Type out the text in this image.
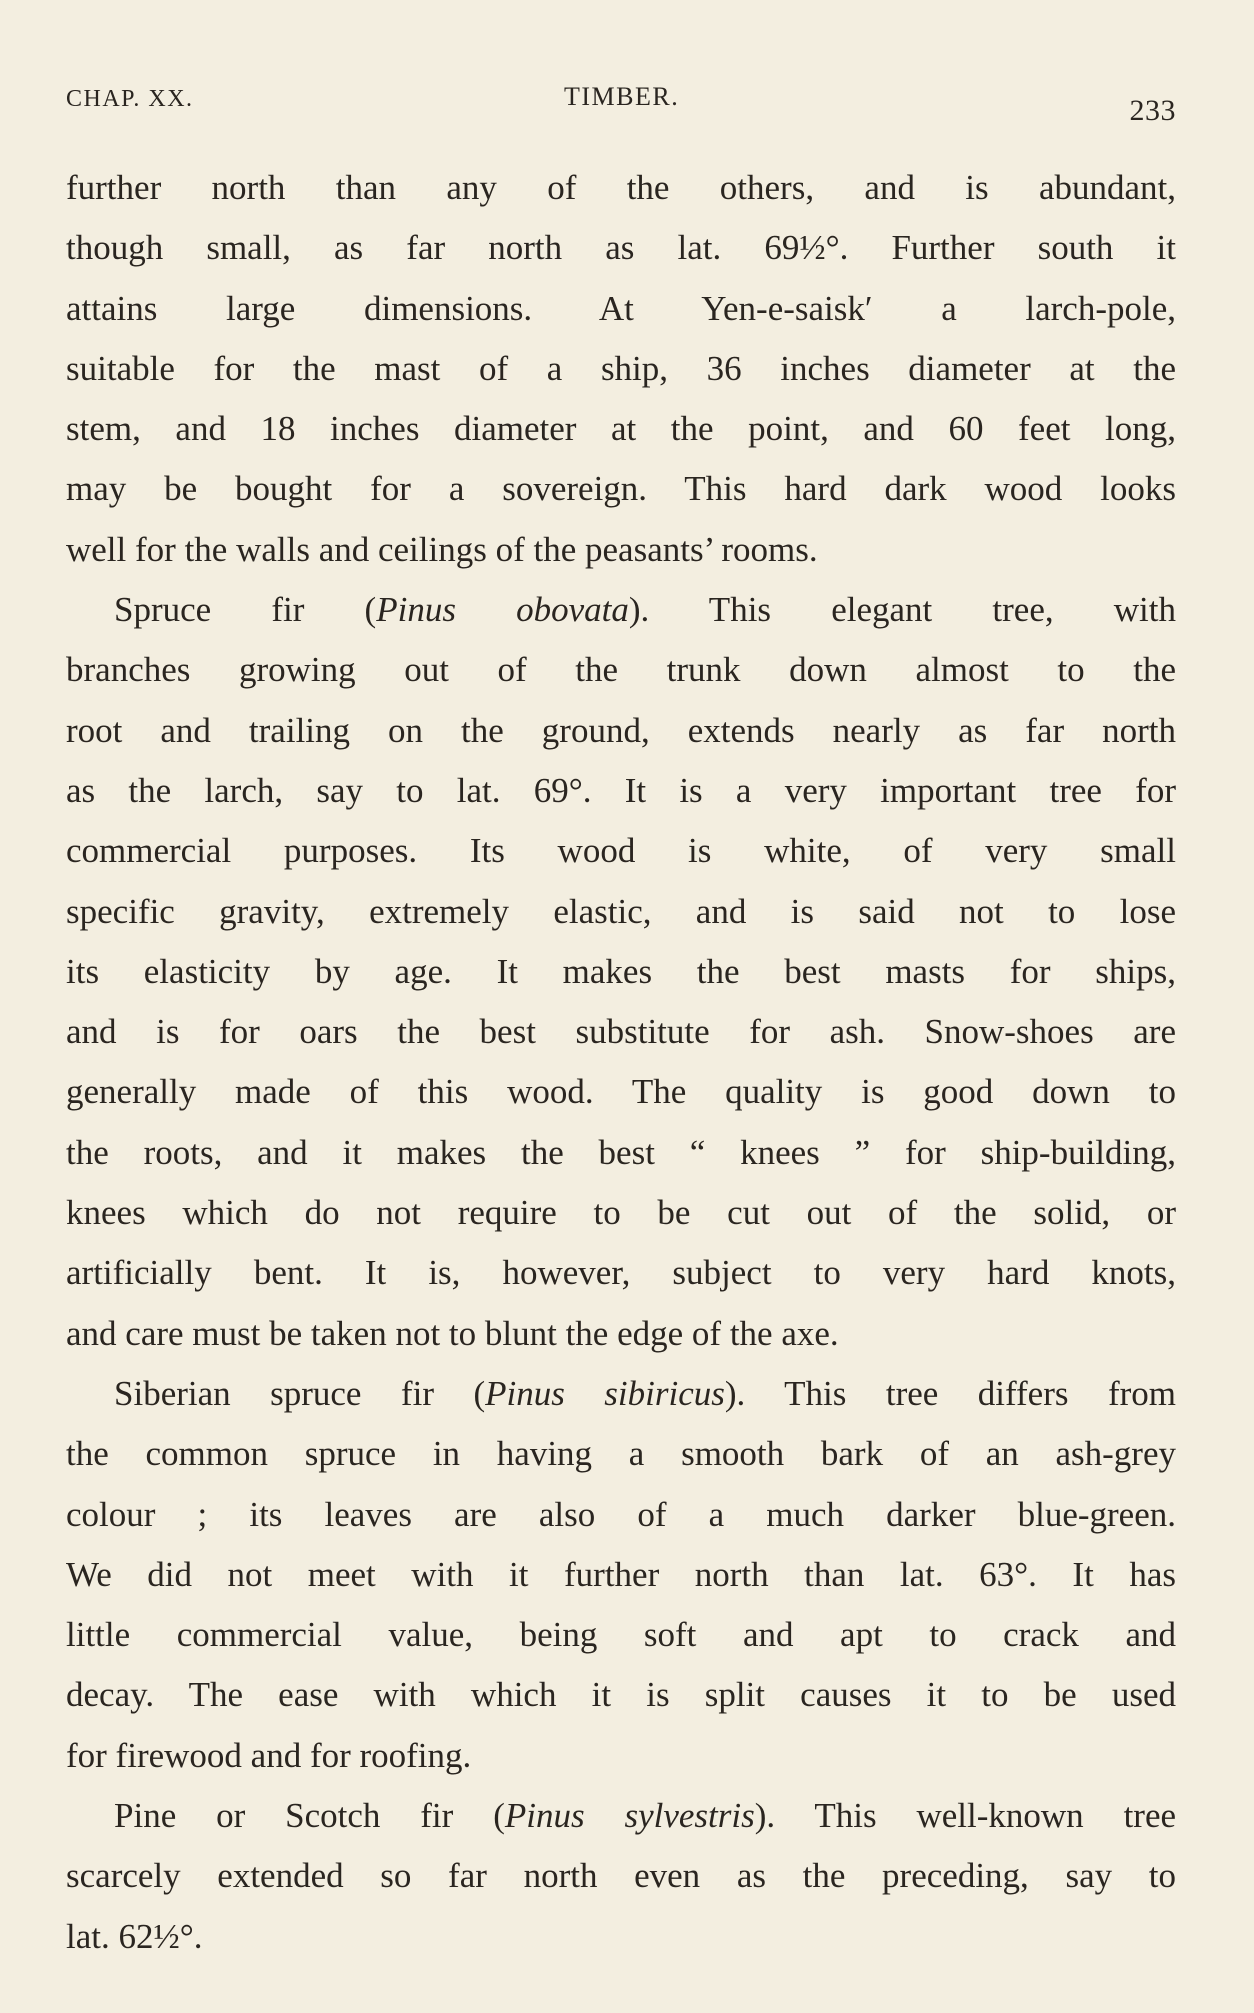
CHAP. XX.	TIMBER.	233
further north than any of the others, and is abundant,
though small, as far north as lat. 69½°. Further south it
attains large dimensions. At Yen-e-saisk′ a larch-pole,
suitable for the mast of a ship, 36 inches diameter at the
stem, and 18 inches diameter at the point, and 60 feet long,
may be bought for a sovereign. This hard dark wood looks
well for the walls and ceilings of the peasants’ rooms.
Spruce fir (Pinus obovata). This elegant tree, with
branches growing out of the trunk down almost to the
root and trailing on the ground, extends nearly as far north
as the larch, say to lat. 69°. It is a very important tree for
commercial purposes. Its wood is white, of very small
specific gravity, extremely elastic, and is said not to lose
its elasticity by age. It makes the best masts for ships,
and is for oars the best substitute for ash. Snow-shoes are
generally made of this wood. The quality is good down to
the roots, and it makes the best “ knees ” for ship-building,
knees which do not require to be cut out of the solid, or
artificially bent. It is, however, subject to very hard knots,
and care must be taken not to blunt the edge of the axe.
Siberian spruce fir (Pinus sibiricus). This tree differs from
the common spruce in having a smooth bark of an ash-grey
colour ; its leaves are also of a much darker blue-green.
We did not meet with it further north than lat. 63°. It has
little commercial value, being soft and apt to crack and
decay. The ease with which it is split causes it to be used
for firewood and for roofing.
Pine or Scotch fir (Pinus sylvestris). This well-known tree
scarcely extended so far north even as the preceding, say to
lat. 62½°.
